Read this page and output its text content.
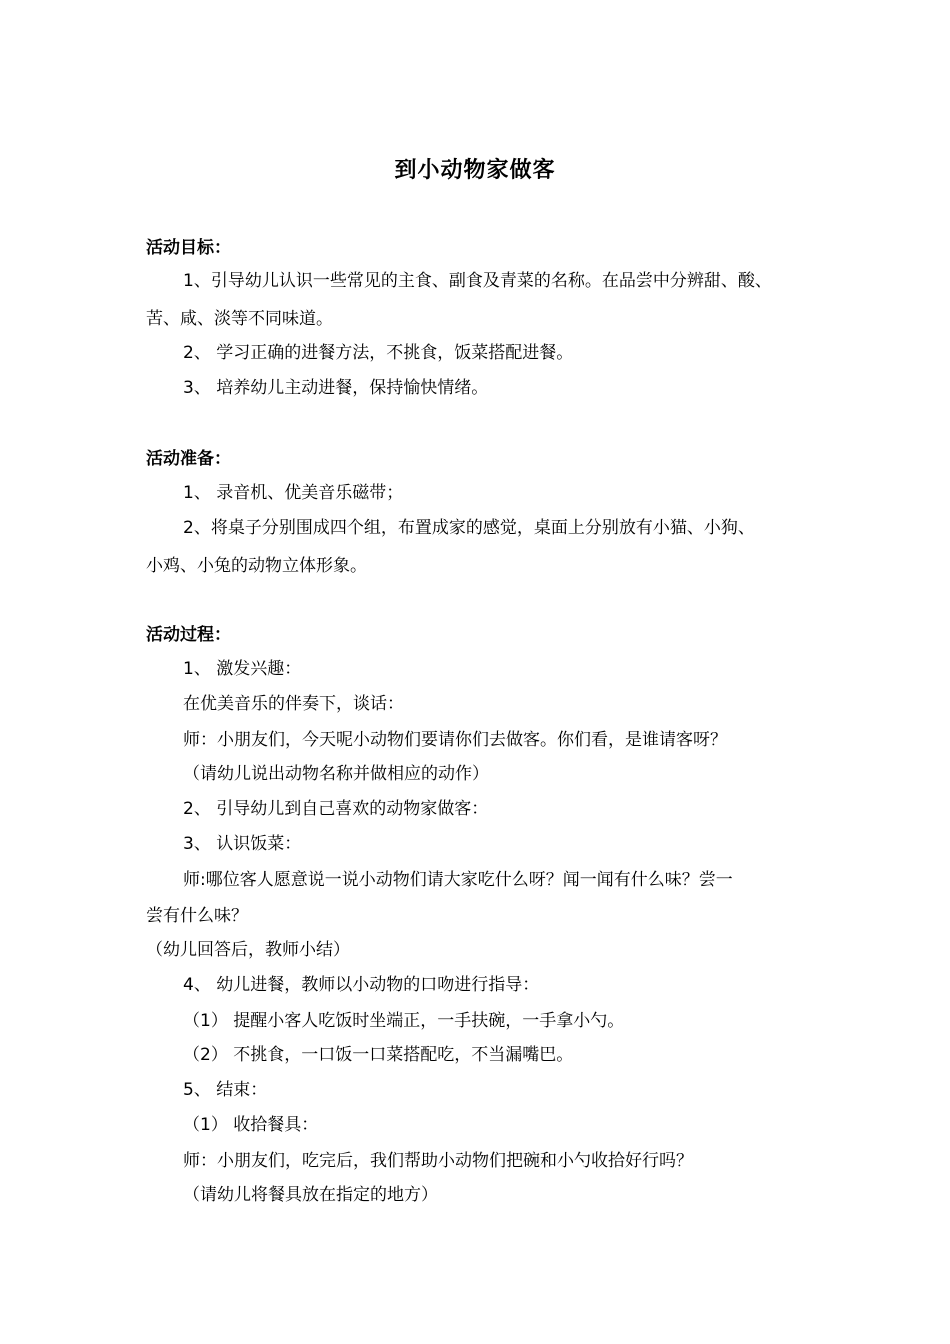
到小动物家做客
活动目标：
1、引导幼儿认识一些常见的主食、副食及青菜的名称。在品尝中分辨甜、酸、
苦、咸、淡等不同味道。
2、 学习正确的进餐方法，不挑食，饭菜搭配进餐。
3、 培养幼儿主动进餐，保持愉快情绪。
活动准备：
1、 录音机、优美音乐磁带；
2、将桌子分别围成四个组，布置成家的感觉，桌面上分别放有小猫、小狗、
小鸡、小兔的动物立体形象。
活动过程：
1、 激发兴趣：
在优美音乐的伴奏下，谈话：
师：小朋友们，今天呢小动物们要请你们去做客。你们看，是谁请客呀？
（请幼儿说出动物名称并做相应的动作）
2、 引导幼儿到自己喜欢的动物家做客：
3、 认识饭菜：
师:哪位客人愿意说一说小动物们请大家吃什么呀？闻一闻有什么味？尝一
尝有什么味？
（幼儿回答后，教师小结）
4、 幼儿进餐，教师以小动物的口吻进行指导：
（1） 提醒小客人吃饭时坐端正，一手扶碗，一手拿小勺。
（2） 不挑食，一口饭一口菜搭配吃，不当漏嘴巴。
5、 结束：
（1） 收拾餐具：
师：小朋友们，吃完后，我们帮助小动物们把碗和小勺收拾好行吗？
（请幼儿将餐具放在指定的地方）
